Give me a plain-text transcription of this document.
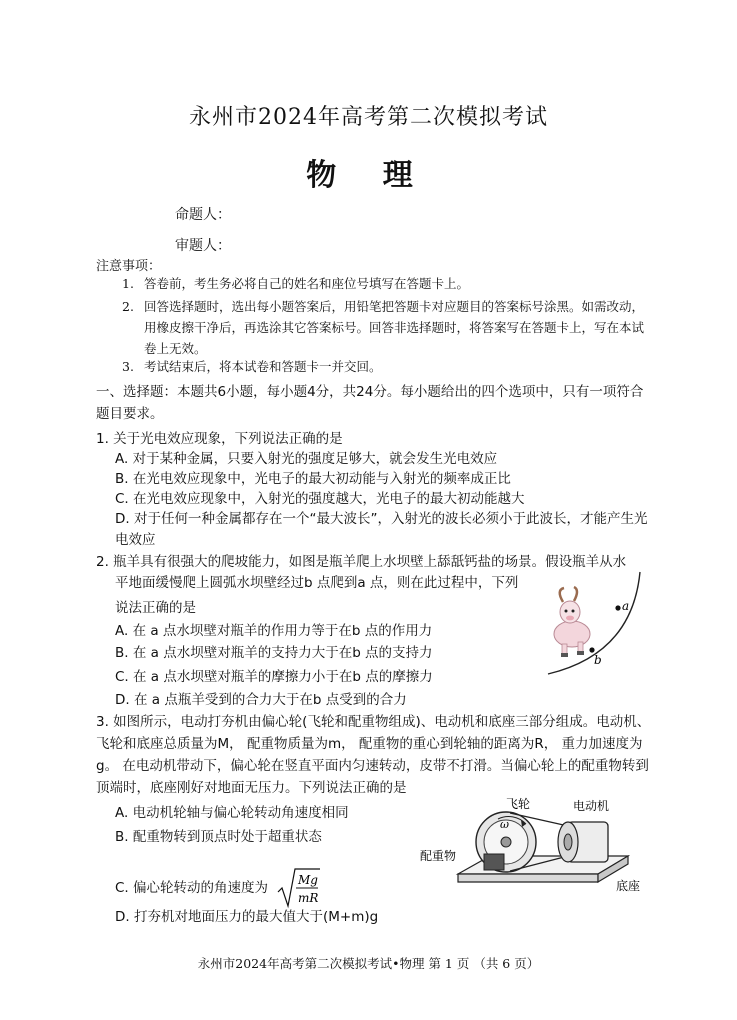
永州市2024年高考第二次模拟考试
物 理
命题人：
审题人：
注意事项：
1. 答卷前，考生务必将自己的姓名和座位号填写在答题卡上。
2. 回答选择题时，选出每小题答案后，用铅笔把答题卡对应题目的答案标号涂黑。如需改动，用橡皮擦干净后，再选涂其它答案标号。回答非选择题时，将答案写在答题卡上，写在本试卷上无效。
3. 考试结束后，将本试卷和答题卡一并交回。
一、选择题：本题共6小题，每小题4分，共24分。每小题给出的四个选项中，只有一项符合题目要求。
1. 关于光电效应现象，下列说法正确的是
A. 对于某种金属，只要入射光的强度足够大，就会发生光电效应
B. 在光电效应现象中，光电子的最大初动能与入射光的频率成正比
C. 在光电效应现象中，入射光的强度越大，光电子的最大初动能越大
D. 对于任何一种金属都存在一个“最大波长”，入射光的波长必须小于此波长，才能产生光电效应
2. 瓶羊具有很强大的爬坡能力，如图是瓶羊爬上水坝壁上舔舐钙盐的场景。假设瓶羊从水
平地面缓慢爬上圆弧水坝壁经过b 点爬到a 点，则在此过程中，下列
说法正确的是
A. 在 a 点水坝壁对瓶羊的作用力等于在b 点的作用力
B. 在 a 点水坝壁对瓶羊的支持力大于在b 点的支持力
C. 在 a 点水坝壁对瓶羊的摩擦力小于在b 点的摩擦力
D. 在 a 点瓶羊受到的合力大于在b 点受到的合力
a
b
3. 如图所示，电动打夯机由偏心轮(飞轮和配重物组成)、电动机和底座三部分组成。电动机、飞轮和底座总质量为M， 配重物质量为m， 配重物的重心到轮轴的距离为R， 重力加速度为g。 在电动机带动下，偏心轮在竖直平面内匀速转动，皮带不打滑。当偏心轮上的配重物转到顶端时，底座刚好对地面无压力。下列说法正确的是
A. 电动机轮轴与偏心轮转动角速度相同
B. 配重物转到顶点时处于超重状态
C. 偏心轮转动的角速度为	Mg
mR
D. 打夯机对地面压力的最大值大于(M+m)g
飞轮	电动机
ω
配重物
底座
永州市2024年高考第二次模拟考试•物理 第 1 页 （共 6 页）
